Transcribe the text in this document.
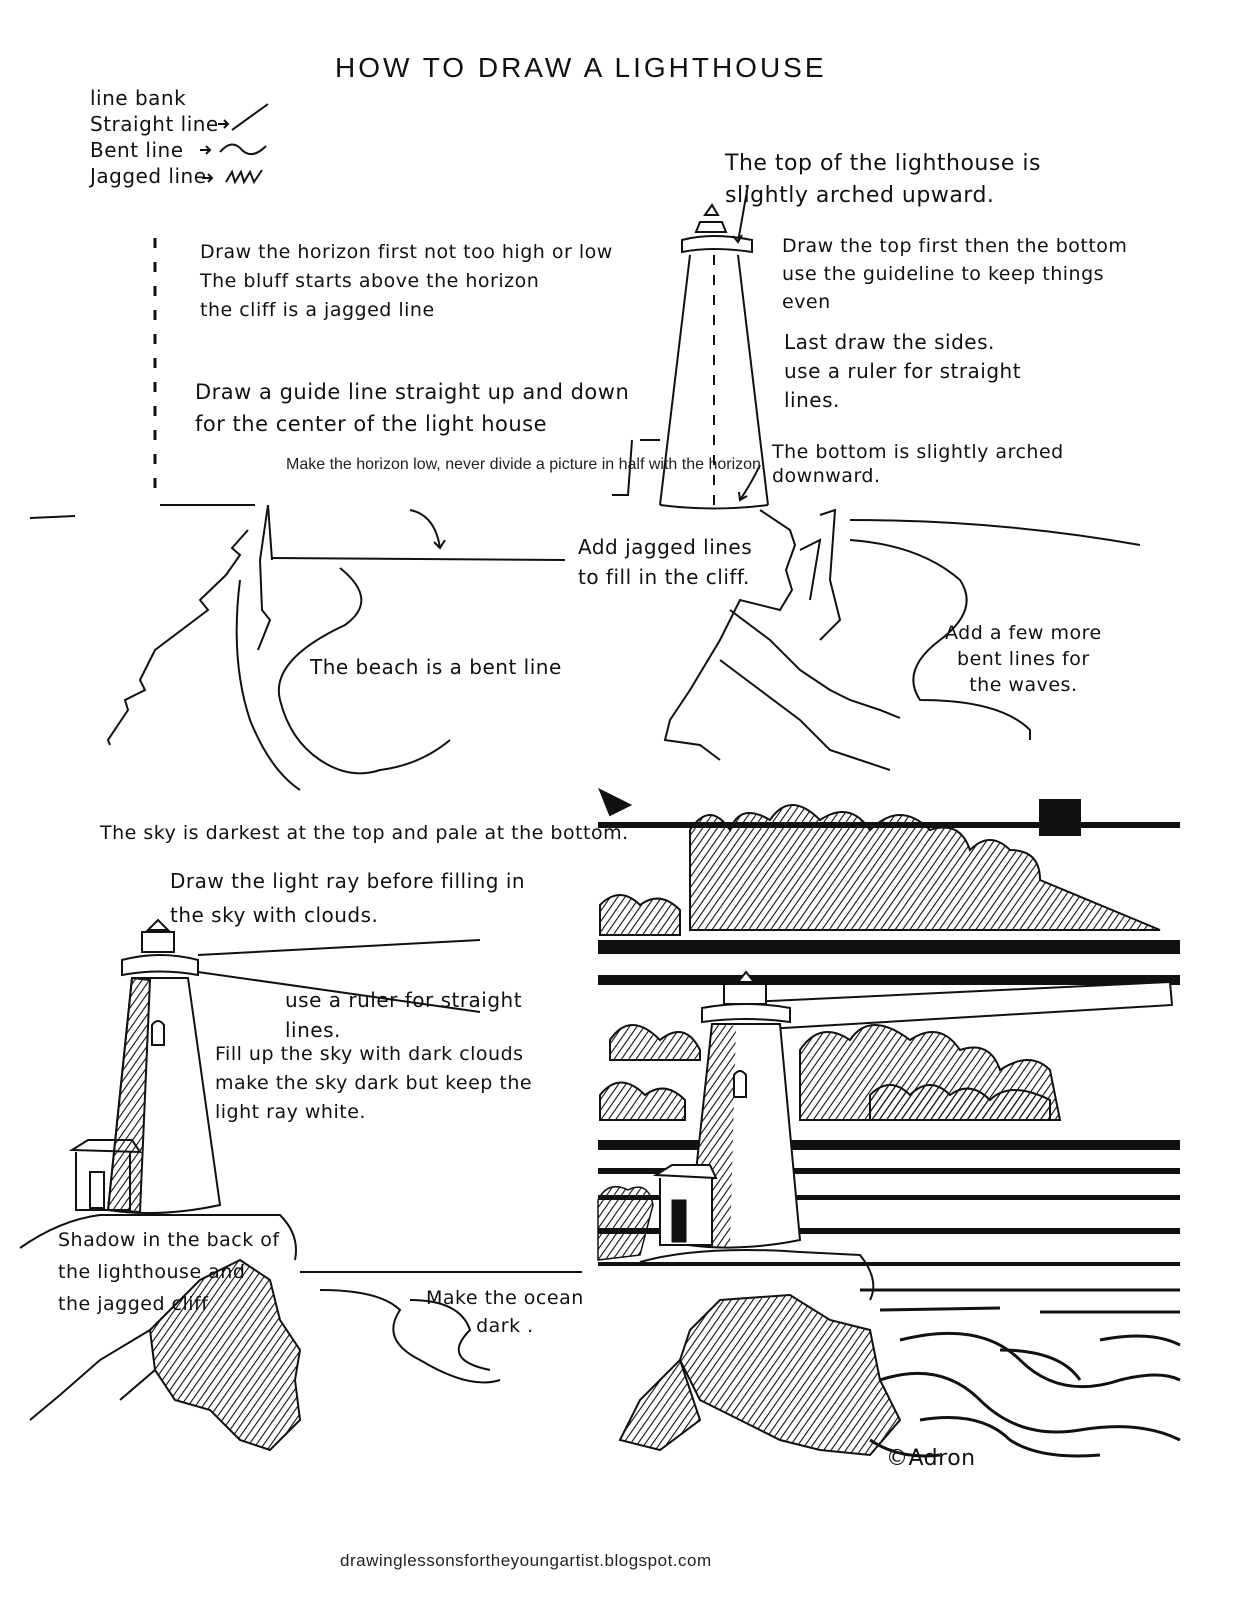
HOW TO DRAW A LIGHTHOUSE
line bank
Straight line
Bent line
Jagged line
Draw the horizon first not too high or low
The bluff starts above the horizon
the cliff is a jagged line
Draw a guide line straight up and down
for the center of the light house
Make the horizon low, never divide a picture in half with the horizon.
The beach is a bent line
The top of the lighthouse is
slightly arched upward.
Draw the top first then the bottom
use the guideline to keep things
even
Last draw the sides.
use a ruler for straight
lines.
The bottom is slightly arched
downward.
Add jagged lines
to fill in the cliff.
Add a few more
bent lines for
the waves.
The sky is darkest at the top and pale at the bottom.
Draw the light ray before filling in
the sky with clouds.
use a ruler for straight
lines.
Fill up the sky with dark clouds
make the sky dark but keep the
light ray white.
Shadow in the back of
the lighthouse and
the jagged cliff	Make the ocean
dark .
©Adron
drawinglessonsfortheyoungartist.blogspot.com
